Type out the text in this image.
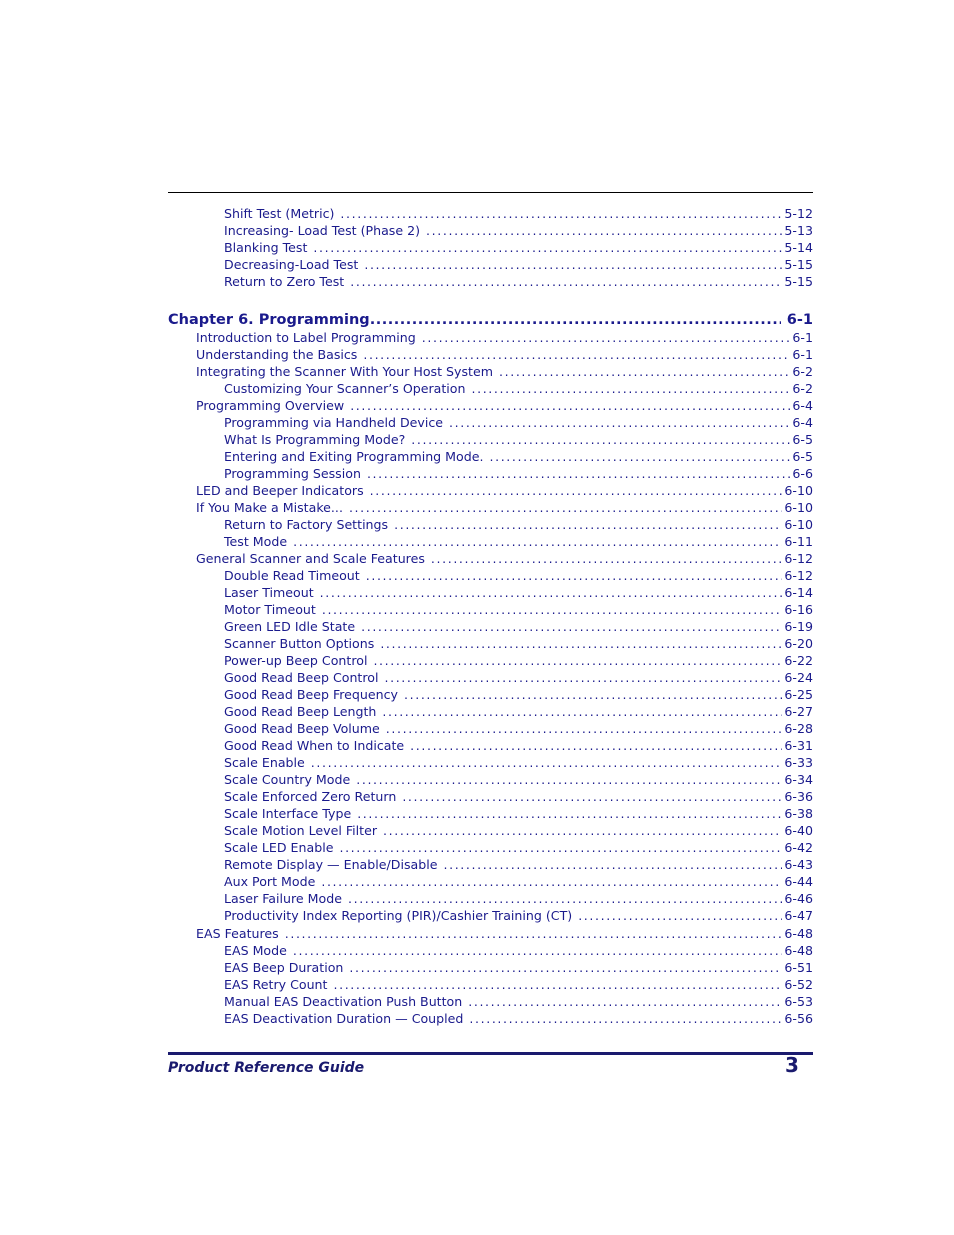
Shift Test (Metric) .....	5-12
Increasing- Load Test (Phase 2) .....	5-13
Blanking Test .....	5-14
Decreasing-Load Test .....	5-15
Return to Zero Test .....	5-15
Chapter 6. Programming .....	6-1
Introduction to Label Programming .....	6-1
Understanding the Basics .....	6-1
Integrating the Scanner With Your Host System .....	6-2
Customizing Your Scanner’s Operation .....	6-2
Programming Overview .....	6-4
Programming via Handheld Device .....	6-4
What Is Programming Mode? .....	6-5
Entering and Exiting Programming Mode. .....	6-5
Programming Session .....	6-6
LED and Beeper Indicators .....	6-10
If You Make a Mistake... .....	6-10
Return to Factory Settings .....	6-10
Test Mode .....	6-11
General Scanner and Scale Features .....	6-12
Double Read Timeout .....	6-12
Laser Timeout .....	6-14
Motor Timeout .....	6-16
Green LED Idle State .....	6-19
Scanner Button Options .....	6-20
Power-up Beep Control .....	6-22
Good Read Beep Control .....	6-24
Good Read Beep Frequency .....	6-25
Good Read Beep Length .....	6-27
Good Read Beep Volume .....	6-28
Good Read When to Indicate .....	6-31
Scale Enable .....	6-33
Scale Country Mode .....	6-34
Scale Enforced Zero Return .....	6-36
Scale Interface Type .....	6-38
Scale Motion Level Filter .....	6-40
Scale LED Enable .....	6-42
Remote Display — Enable/Disable .....	6-43
Aux Port Mode .....	6-44
Laser Failure Mode .....	6-46
Productivity Index Reporting (PIR)/Cashier Training (CT) .....	6-47
EAS Features .....	6-48
EAS Mode .....	6-48
EAS Beep Duration .....	6-51
EAS Retry Count .....	6-52
Manual EAS Deactivation Push Button .....	6-53
EAS Deactivation Duration — Coupled .....	6-56
Product Reference Guide	3
